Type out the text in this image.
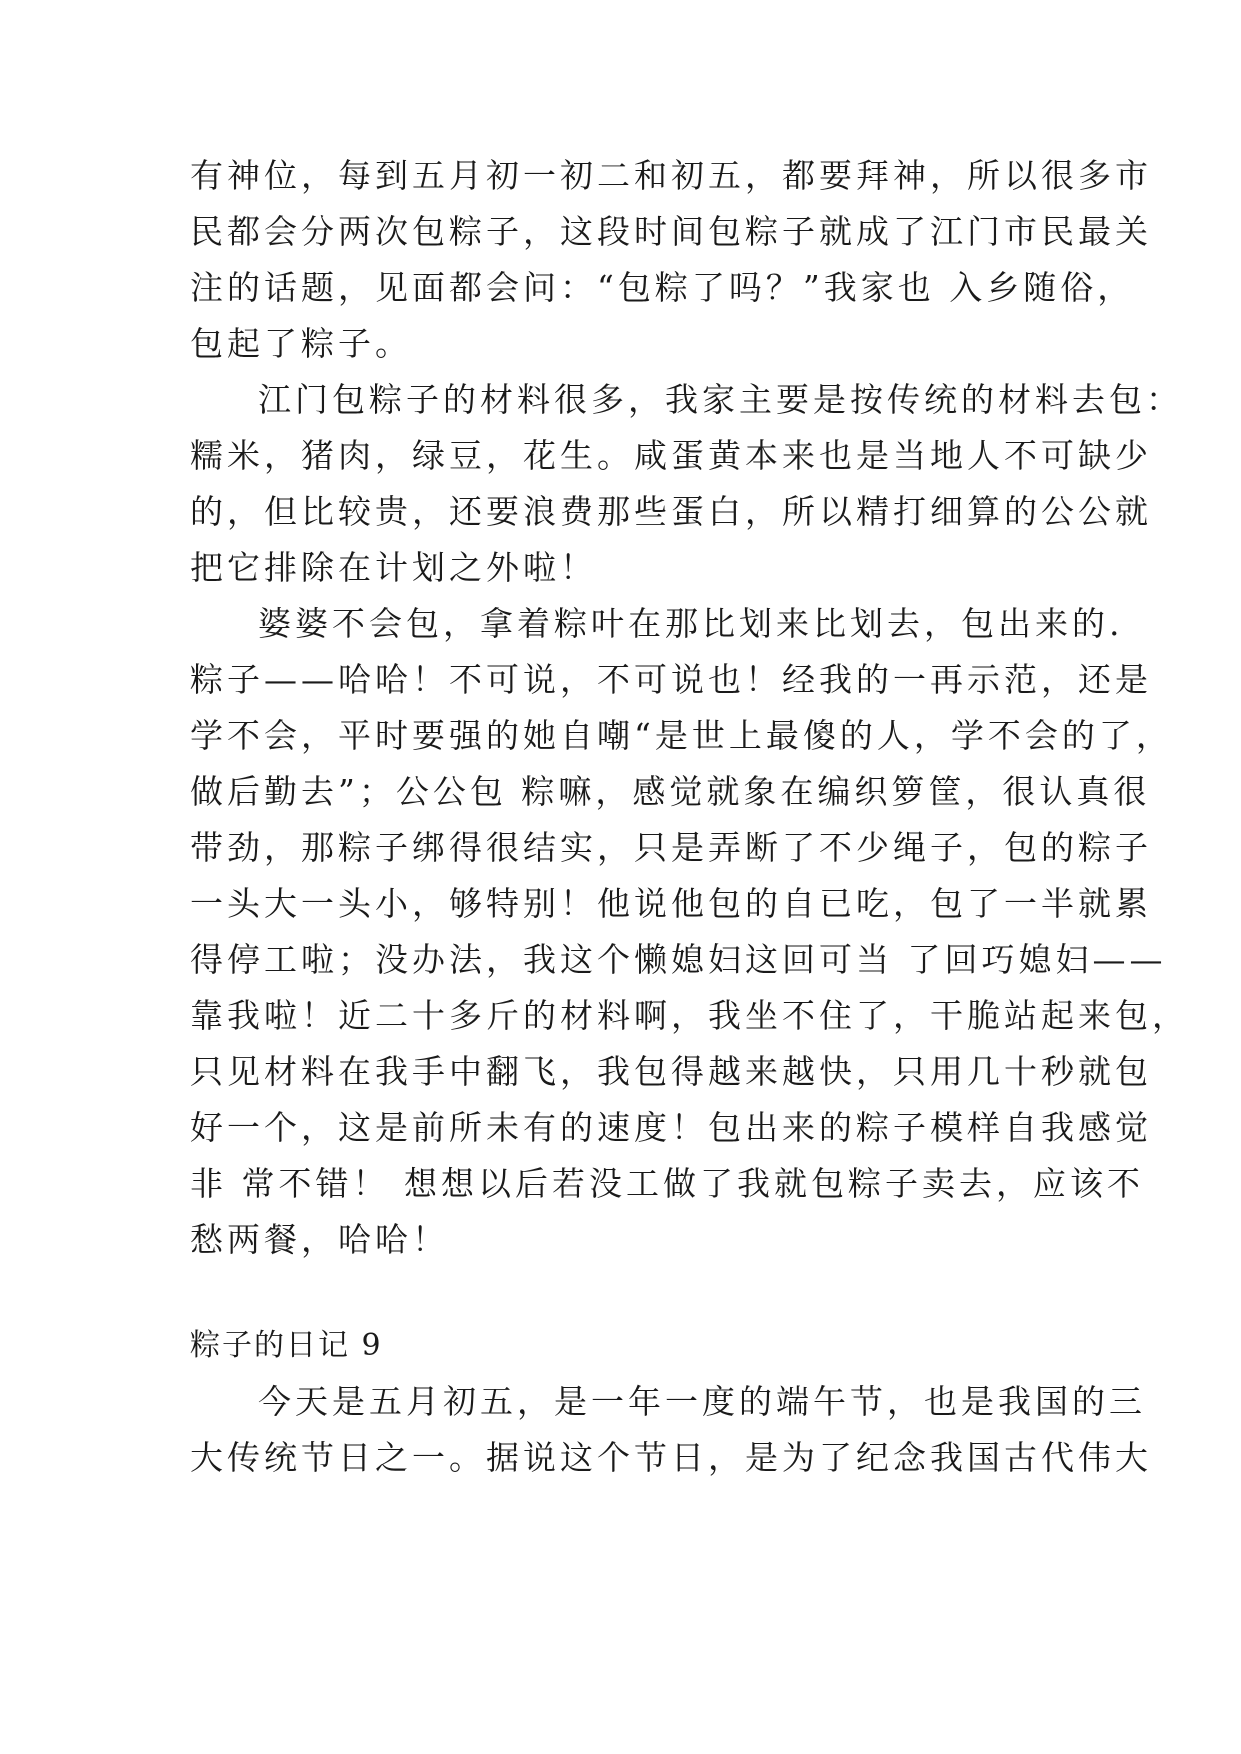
有神位，每到五月初一初二和初五，都要拜神，所以很多市
民都会分两次包粽子，这段时间包粽子就成了江门市民最关
注的话题，见面都会问：“包粽了吗？”我家也 入乡随俗，
包起了粽子。
江门包粽子的材料很多，我家主要是按传统的材料去包：
糯米，猪肉，绿豆，花生。咸蛋黄本来也是当地人不可缺少
的，但比较贵，还要浪费那些蛋白，所以精打细算的公公就
把它排除在计划之外啦！
婆婆不会包，拿着粽叶在那比划来比划去，包出来的.
粽子——哈哈！不可说，不可说也！经我的一再示范，还是
学不会，平时要强的她自嘲“是世上最傻的人，学不会的了，
做后勤去”；公公包 粽嘛，感觉就象在编织箩筐，很认真很
带劲，那粽子绑得很结实，只是弄断了不少绳子，包的粽子
一头大一头小，够特别！他说他包的自已吃，包了一半就累
得停工啦；没办法，我这个懒媳妇这回可当 了回巧媳妇——
靠我啦！近二十多斤的材料啊，我坐不住了，干脆站起来包，
只见材料在我手中翻飞，我包得越来越快，只用几十秒就包
好一个，这是前所未有的速度！包出来的粽子模样自我感觉
非 常不错！ 想想以后若没工做了我就包粽子卖去，应该不
愁两餐，哈哈！
粽子的日记 9
今天是五月初五，是一年一度的端午节，也是我国的三
大传统节日之一。据说这个节日，是为了纪念我国古代伟大
